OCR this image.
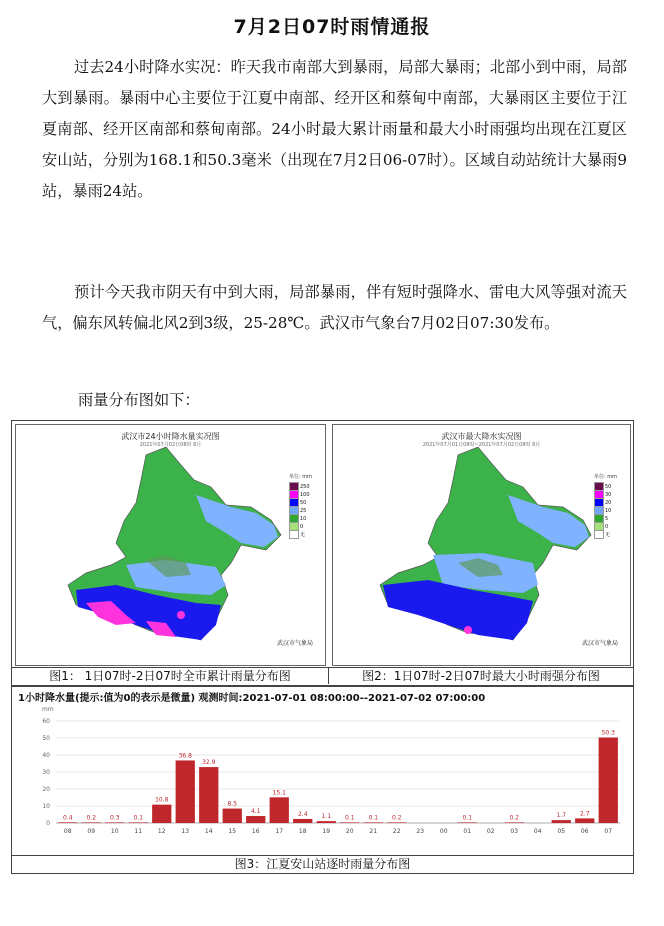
7月2日07时雨情通报
过去24小时降水实况：昨天我市南部大到暴雨，局部大暴雨；北部小到中雨，局部大到暴雨。暴雨中心主要位于江夏中南部、经开区和蔡甸中南部，大暴雨区主要位于江夏南部、经开区南部和蔡甸南部。24小时最大累计雨量和最大小时雨强均出现在江夏区安山站，分别为168.1和50.3毫米（出现在7月2日06-07时）。区域自动站统计大暴雨9站，暴雨24站。
预计今天我市阴天有中到大雨，局部暴雨，伴有短时强降水、雷电大风等强对流天气，偏东风转偏北风2到3级，25-28℃。武汉市气象台7月02日07:30发布。
雨量分布图如下：
武汉市24小时降水量实况图
2021年07月02日08时 8月
单位: mm
250
100
50
25
10
0
无
武汉市气象局
武汉市最大降水实况图
2021年07月01日08时~2021年07月02日08时 8月
单位: mm
50
30
20
10
5
0
无
武汉市气象局
图1： 1日07时-2日07时全市累计雨量分布图	图2：1日07时-2日07时最大小时雨强分布图
1小时降水量(提示:值为0的表示是微量) 观测时间:2021-07-01 08:00:00--2021-07-02 07:00:00
mm
0
10
20
30
40
50
60
0.4 0.2 0.3 0.1
10.8
36.8
32.9
8.5
4.1
15.1
2.4 1.1 0.1 0.1 0.2	0.1	0.2	1.7 2.7
50.3
08	09	10	11	12	13	14	15	16	17	18	19	20	21	22	23	00	01	02	03	04	05	06	07
图3：江夏安山站逐时雨量分布图
